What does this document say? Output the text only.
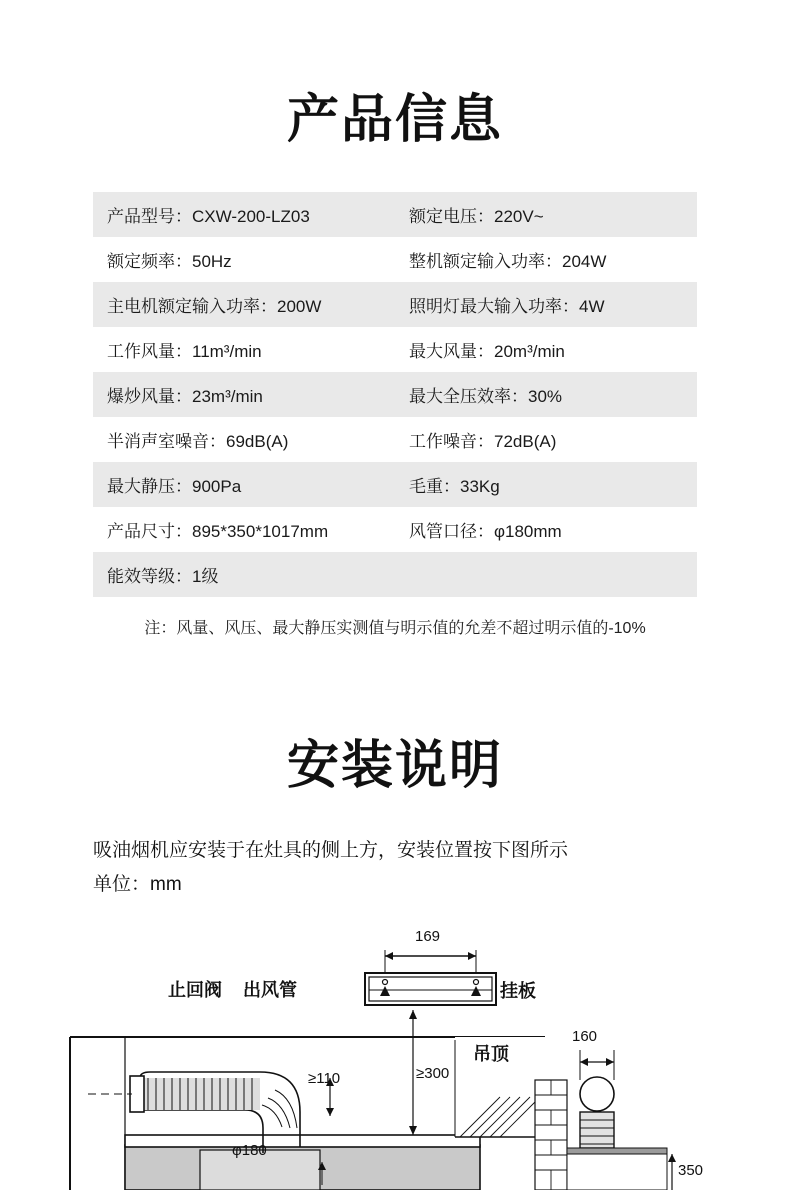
产品信息
产品型号：CXW-200-LZ03	额定电压：220V~
额定频率：50Hz	整机额定输入功率：204W
主电机额定输入功率：200W	照明灯最大输入功率：4W
工作风量：11m³/min	最大风量：20m³/min
爆炒风量：23m³/min	最大全压效率：30%
半消声室噪音：69dB(A)	工作噪音：72dB(A)
最大静压：900Pa	毛重：33Kg
产品尺寸：895*350*1017mm	风管口径：φ180mm
能效等级：1级	
注：风量、风压、最大静压实测值与明示值的允差不超过明示值的-10%
安装说明
吸油烟机应安装于在灶具的侧上方，安装位置按下图所示
单位：mm
169
止回阀 出风管	挂板
吊顶
≥110	≥300
φ180
160
350
